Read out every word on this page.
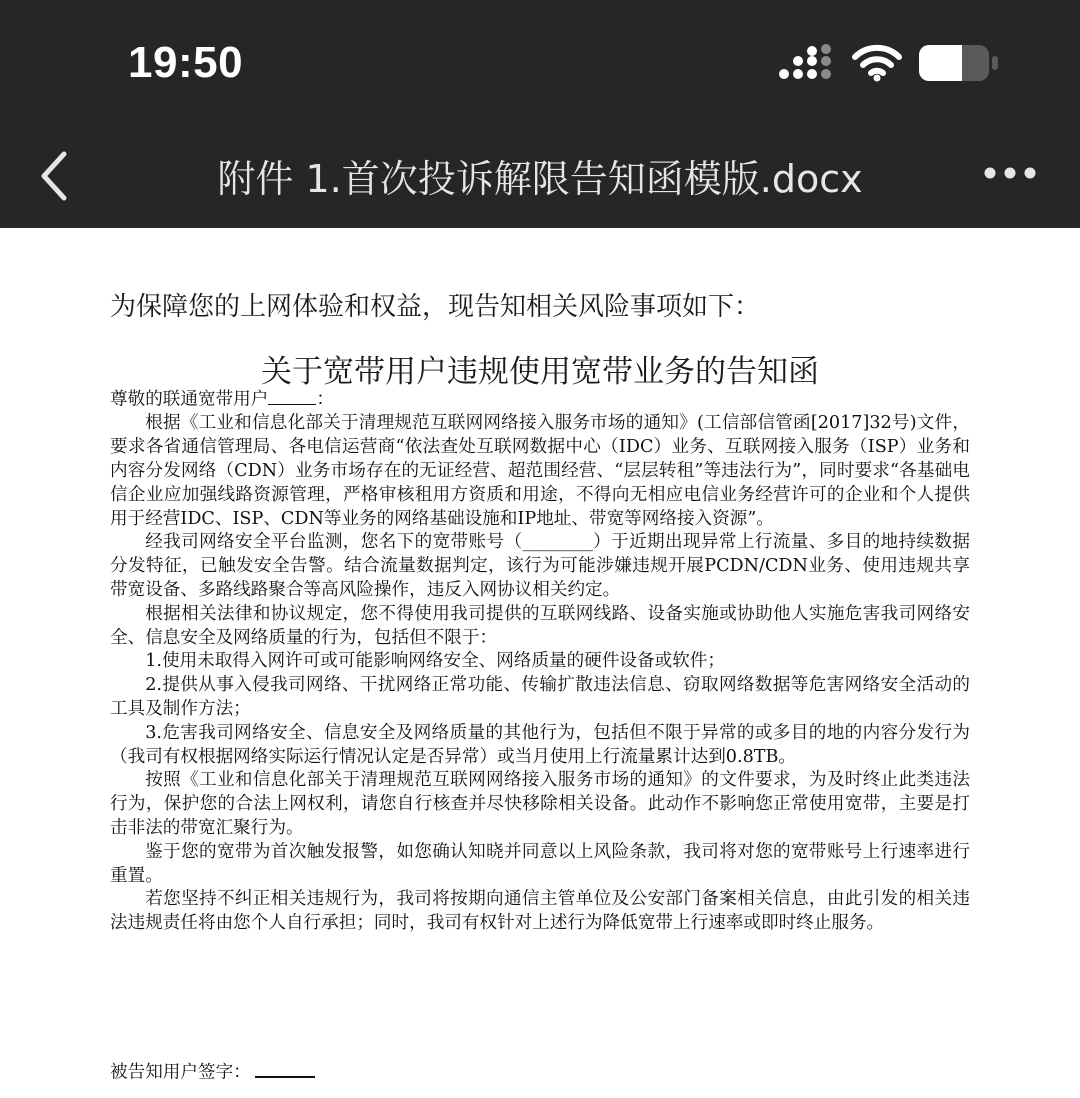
19:50
附件 1.首次投诉解限告知函模版.docx
为保障您的上网体验和权益，现告知相关风险事项如下：
关于宽带用户违规使用宽带业务的告知函

尊敬的联通宽带用户	：

根据《工业和信息化部关于清理规范互联网网络接入服务市场的通知》(工信部信管函[2017]32号)文件，要求各省通信管理局、各电信运营商“依法查处互联网数据中心（IDC）业务、互联网接入服务（ISP）业务和内容分发网络（CDN）业务市场存在的无证经营、超范围经营、“层层转租”等违法行为”，同时要求“各基础电信企业应加强线路资源管理，严格审核租用方资质和用途，不得向无相应电信业务经营许可的企业和个人提供用于经营IDC、ISP、CDN等业务的网络基础设施和IP地址、带宽等网络接入资源”。

经我司网络安全平台监测，您名下的宽带账号（________）于近期出现异常上行流量、多目的地持续数据分发特征，已触发安全告警。结合流量数据判定，该行为可能涉嫌违规开展PCDN/CDN业务、使用违规共享带宽设备、多路线路聚合等高风险操作，违反入网协议相关约定。

根据相关法律和协议规定，您不得使用我司提供的互联网线路、设备实施或协助他人实施危害我司网络安全、信息安全及网络质量的行为，包括但不限于：

1.使用未取得入网许可或可能影响网络安全、网络质量的硬件设备或软件；

2.提供从事入侵我司网络、干扰网络正常功能、传输扩散违法信息、窃取网络数据等危害网络安全活动的工具及制作方法；

3.危害我司网络安全、信息安全及网络质量的其他行为，包括但不限于异常的或多目的地的内容分发行为（我司有权根据网络实际运行情况认定是否异常）或当月使用上行流量累计达到0.8TB。

按照《工业和信息化部关于清理规范互联网网络接入服务市场的通知》的文件要求，为及时终止此类违法行为，保护您的合法上网权利，请您自行核查并尽快移除相关设备。此动作不影响您正常使用宽带，主要是打击非法的带宽汇聚行为。

鉴于您的宽带为首次触发报警，如您确认知晓并同意以上风险条款，我司将对您的宽带账号上行速率进行重置。

若您坚持不纠正相关违规行为，我司将按期向通信主管单位及公安部门备案相关信息，由此引发的相关违法违规责任将由您个人自行承担；同时，我司有权针对上述行为降低宽带上行速率或即时终止服务。

被告知用户签字：
